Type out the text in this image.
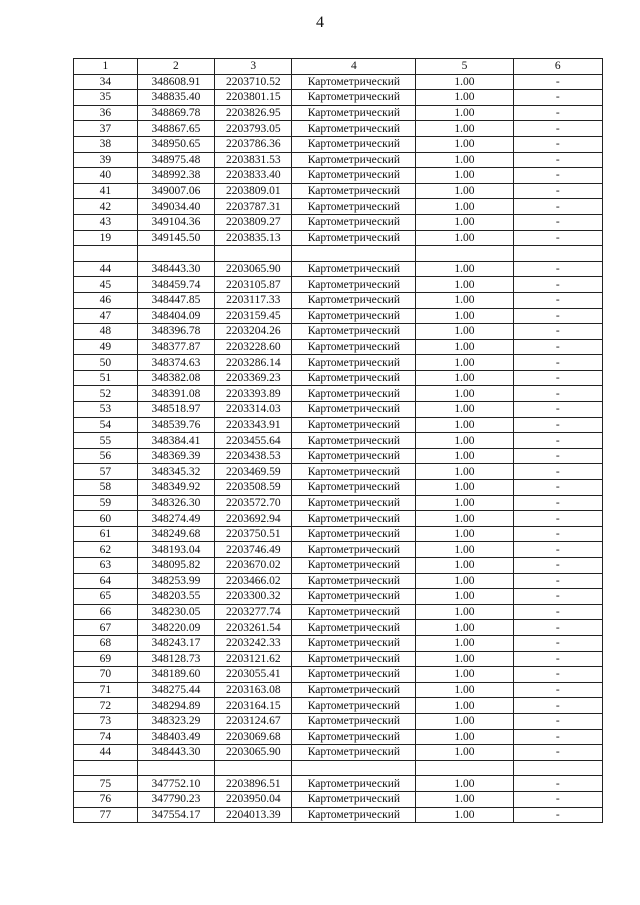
4
1	2	3	4	5	6
34	348608.91	2203710.52	Картометрический	1.00	-
35	348835.40	2203801.15	Картометрический	1.00	-
36	348869.78	2203826.95	Картометрический	1.00	-
37	348867.65	2203793.05	Картометрический	1.00	-
38	348950.65	2203786.36	Картометрический	1.00	-
39	348975.48	2203831.53	Картометрический	1.00	-
40	348992.38	2203833.40	Картометрический	1.00	-
41	349007.06	2203809.01	Картометрический	1.00	-
42	349034.40	2203787.31	Картометрический	1.00	-
43	349104.36	2203809.27	Картометрический	1.00	-
19	349145.50	2203835.13	Картометрический	1.00	-

44	348443.30	2203065.90	Картометрический	1.00	-
45	348459.74	2203105.87	Картометрический	1.00	-
46	348447.85	2203117.33	Картометрический	1.00	-
47	348404.09	2203159.45	Картометрический	1.00	-
48	348396.78	2203204.26	Картометрический	1.00	-
49	348377.87	2203228.60	Картометрический	1.00	-
50	348374.63	2203286.14	Картометрический	1.00	-
51	348382.08	2203369.23	Картометрический	1.00	-
52	348391.08	2203393.89	Картометрический	1.00	-
53	348518.97	2203314.03	Картометрический	1.00	-
54	348539.76	2203343.91	Картометрический	1.00	-
55	348384.41	2203455.64	Картометрический	1.00	-
56	348369.39	2203438.53	Картометрический	1.00	-
57	348345.32	2203469.59	Картометрический	1.00	-
58	348349.92	2203508.59	Картометрический	1.00	-
59	348326.30	2203572.70	Картометрический	1.00	-
60	348274.49	2203692.94	Картометрический	1.00	-
61	348249.68	2203750.51	Картометрический	1.00	-
62	348193.04	2203746.49	Картометрический	1.00	-
63	348095.82	2203670.02	Картометрический	1.00	-
64	348253.99	2203466.02	Картометрический	1.00	-
65	348203.55	2203300.32	Картометрический	1.00	-
66	348230.05	2203277.74	Картометрический	1.00	-
67	348220.09	2203261.54	Картометрический	1.00	-
68	348243.17	2203242.33	Картометрический	1.00	-
69	348128.73	2203121.62	Картометрический	1.00	-
70	348189.60	2203055.41	Картометрический	1.00	-
71	348275.44	2203163.08	Картометрический	1.00	-
72	348294.89	2203164.15	Картометрический	1.00	-
73	348323.29	2203124.67	Картометрический	1.00	-
74	348403.49	2203069.68	Картометрический	1.00	-
44	348443.30	2203065.90	Картометрический	1.00	-

75	347752.10	2203896.51	Картометрический	1.00	-
76	347790.23	2203950.04	Картометрический	1.00	-
77	347554.17	2204013.39	Картометрический	1.00	-
